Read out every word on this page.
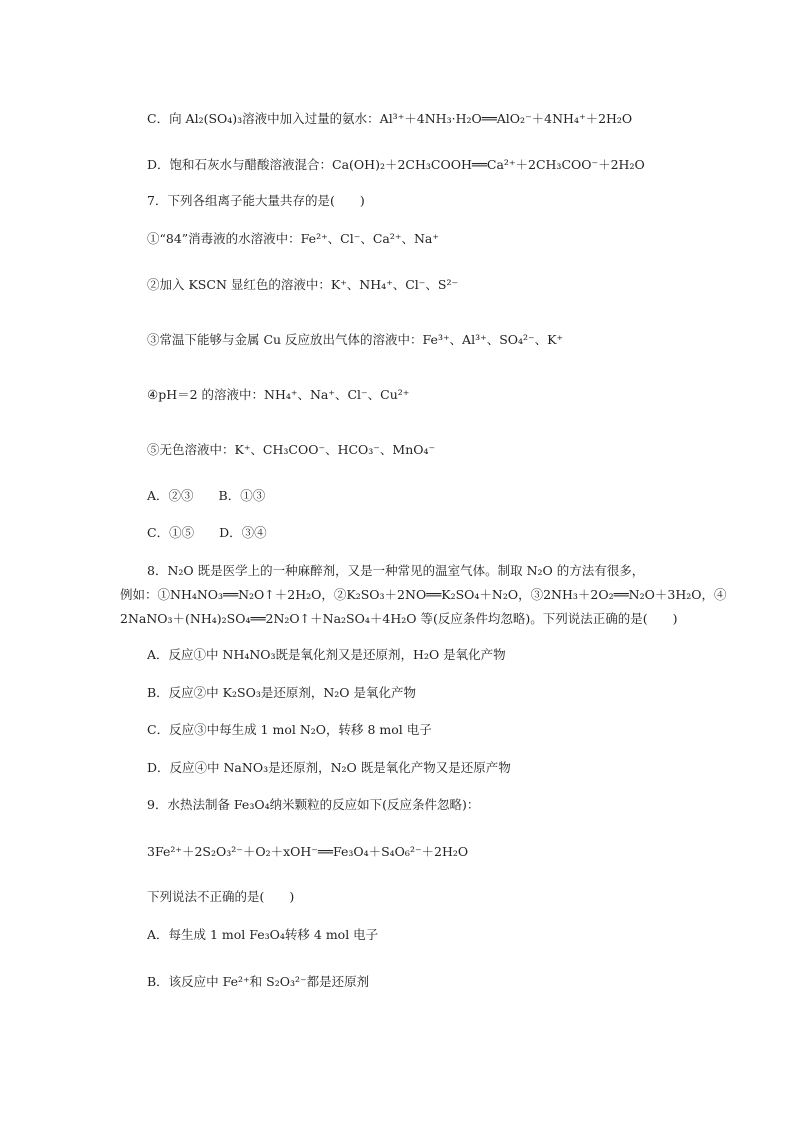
C．向 Al₂(SO₄)₃溶液中加入过量的氨水：Al³⁺＋4NH₃·H₂O══AlO₂⁻＋4NH₄⁺＋2H₂O
D．饱和石灰水与醋酸溶液混合：Ca(OH)₂＋2CH₃COOH══Ca²⁺＋2CH₃COO⁻＋2H₂O
7．下列各组离子能大量共存的是(　　)
①“84”消毒液的水溶液中：Fe²⁺、Cl⁻、Ca²⁺、Na⁺
②加入 KSCN 显红色的溶液中：K⁺、NH₄⁺、Cl⁻、S²⁻
③常温下能够与金属 Cu 反应放出气体的溶液中：Fe³⁺、Al³⁺、SO₄²⁻、K⁺
④pH＝2 的溶液中：NH₄⁺、Na⁺、Cl⁻、Cu²⁺
⑤无色溶液中：K⁺、CH₃COO⁻、HCO₃⁻、MnO₄⁻
A．②③　　B．①③
C．①⑤　　D．③④
8．N₂O 既是医学上的一种麻醉剂，又是一种常见的温室气体。制取 N₂O 的方法有很多，
例如：①NH₄NO₃══N₂O↑＋2H₂O，②K₂SO₃＋2NO══K₂SO₄＋N₂O，③2NH₃＋2O₂══N₂O＋3H₂O，④
2NaNO₃＋(NH₄)₂SO₄══2N₂O↑＋Na₂SO₄＋4H₂O 等(反应条件均忽略)。下列说法正确的是(　　)
A．反应①中 NH₄NO₃既是氧化剂又是还原剂，H₂O 是氧化产物
B．反应②中 K₂SO₃是还原剂，N₂O 是氧化产物
C．反应③中每生成 1 mol N₂O，转移 8 mol 电子
D．反应④中 NaNO₃是还原剂，N₂O 既是氧化产物又是还原产物
9．水热法制备 Fe₃O₄纳米颗粒的反应如下(反应条件忽略)：
3Fe²⁺＋2S₂O₃²⁻＋O₂＋xOH⁻══Fe₃O₄＋S₄O₆²⁻＋2H₂O
下列说法不正确的是(　　)
A．每生成 1 mol Fe₃O₄转移 4 mol 电子
B．该反应中 Fe²⁺和 S₂O₃²⁻都是还原剂
